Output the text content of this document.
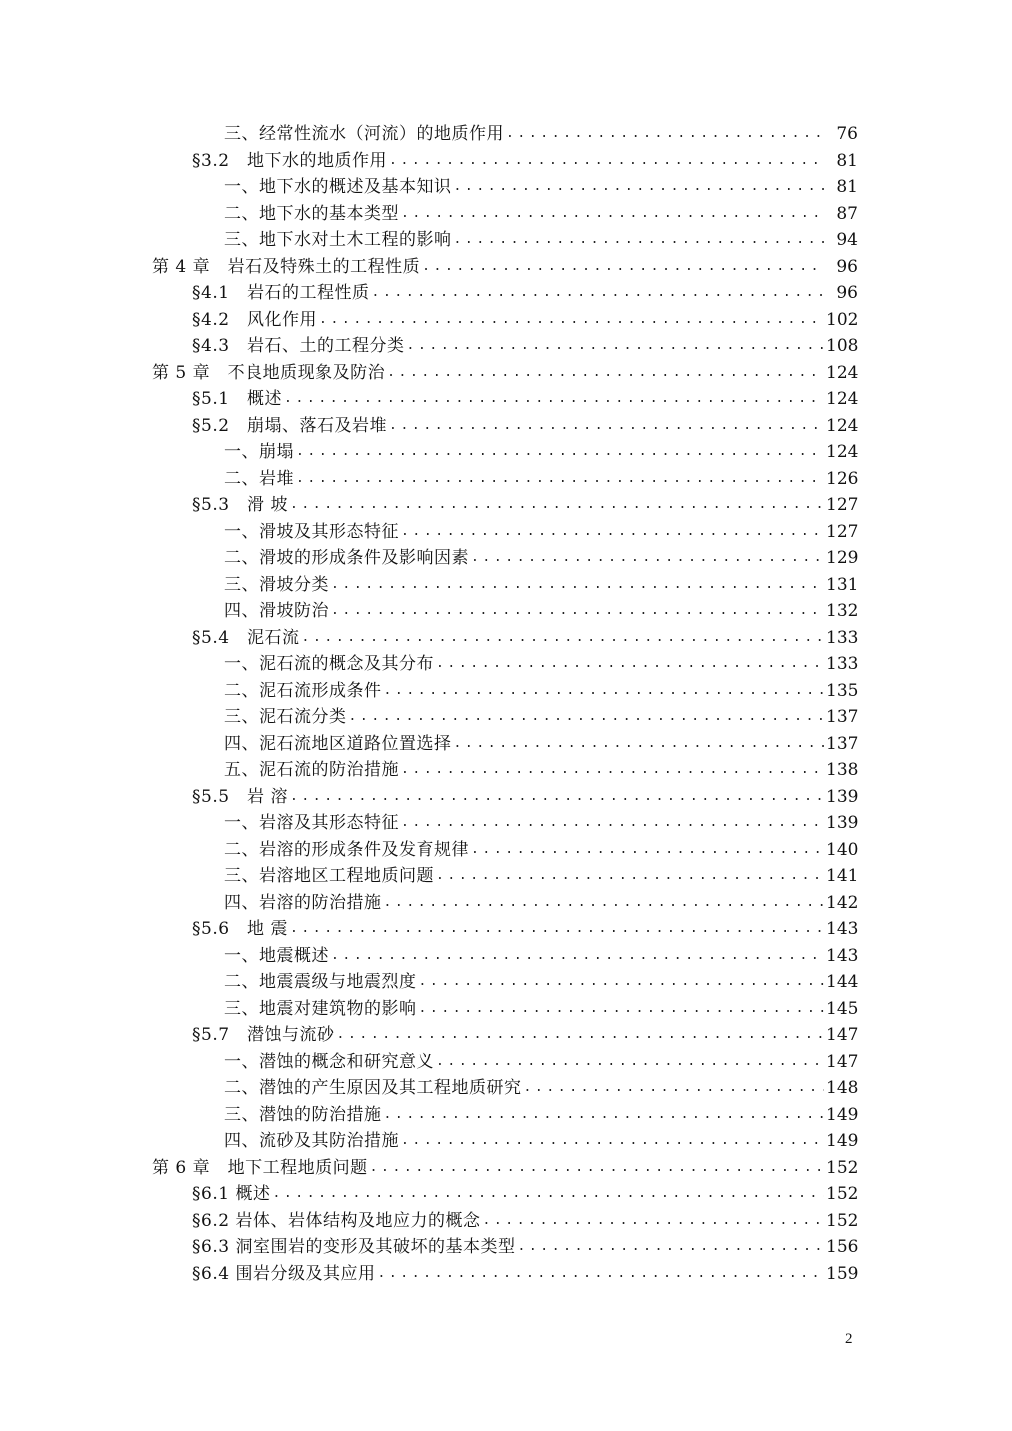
三、经常性流水（河流）的地质作用 .....	76
§3.2　地下水的地质作用 .....	81
一、地下水的概述及基本知识 .....	81
二、地下水的基本类型 .....	87
三、地下水对土木工程的影响 .....	94
第 4 章　岩石及特殊土的工程性质 .....	96
§4.1　岩石的工程性质 .....	96
§4.2　风化作用 .....	102
§4.3　岩石、土的工程分类 .....	108
第 5 章　不良地质现象及防治 .....	124
§5.1　概述 .....	124
§5.2　崩塌、落石及岩堆 .....	124
一、崩塌 .....	124
二、岩堆 .....	126
§5.3　滑 坡 .....	127
一、滑坡及其形态特征 .....	127
二、滑坡的形成条件及影响因素 .....	129
三、滑坡分类 .....	131
四、滑坡防治 .....	132
§5.4　泥石流 .....	133
一、泥石流的概念及其分布 .....	133
二、泥石流形成条件 .....	135
三、泥石流分类 .....	137
四、泥石流地区道路位置选择 .....	137
五、泥石流的防治措施 .....	138
§5.5　岩 溶 .....	139
一、岩溶及其形态特征 .....	139
二、岩溶的形成条件及发育规律 .....	140
三、岩溶地区工程地质问题 .....	141
四、岩溶的防治措施 .....	142
§5.6　地 震 .....	143
一、地震概述 .....	143
二、地震震级与地震烈度 .....	144
三、地震对建筑物的影响 .....	145
§5.7　潜蚀与流砂 .....	147
一、潜蚀的概念和研究意义 .....	147
二、潜蚀的产生原因及其工程地质研究 .....	148
三、潜蚀的防治措施 .....	149
四、流砂及其防治措施 .....	149
第 6 章　地下工程地质问题 .....	152
§6.1 概述 .....	152
§6.2 岩体、岩体结构及地应力的概念 .....	152
§6.3 洞室围岩的变形及其破坏的基本类型 .....	156
§6.4 围岩分级及其应用 .....	159
2
